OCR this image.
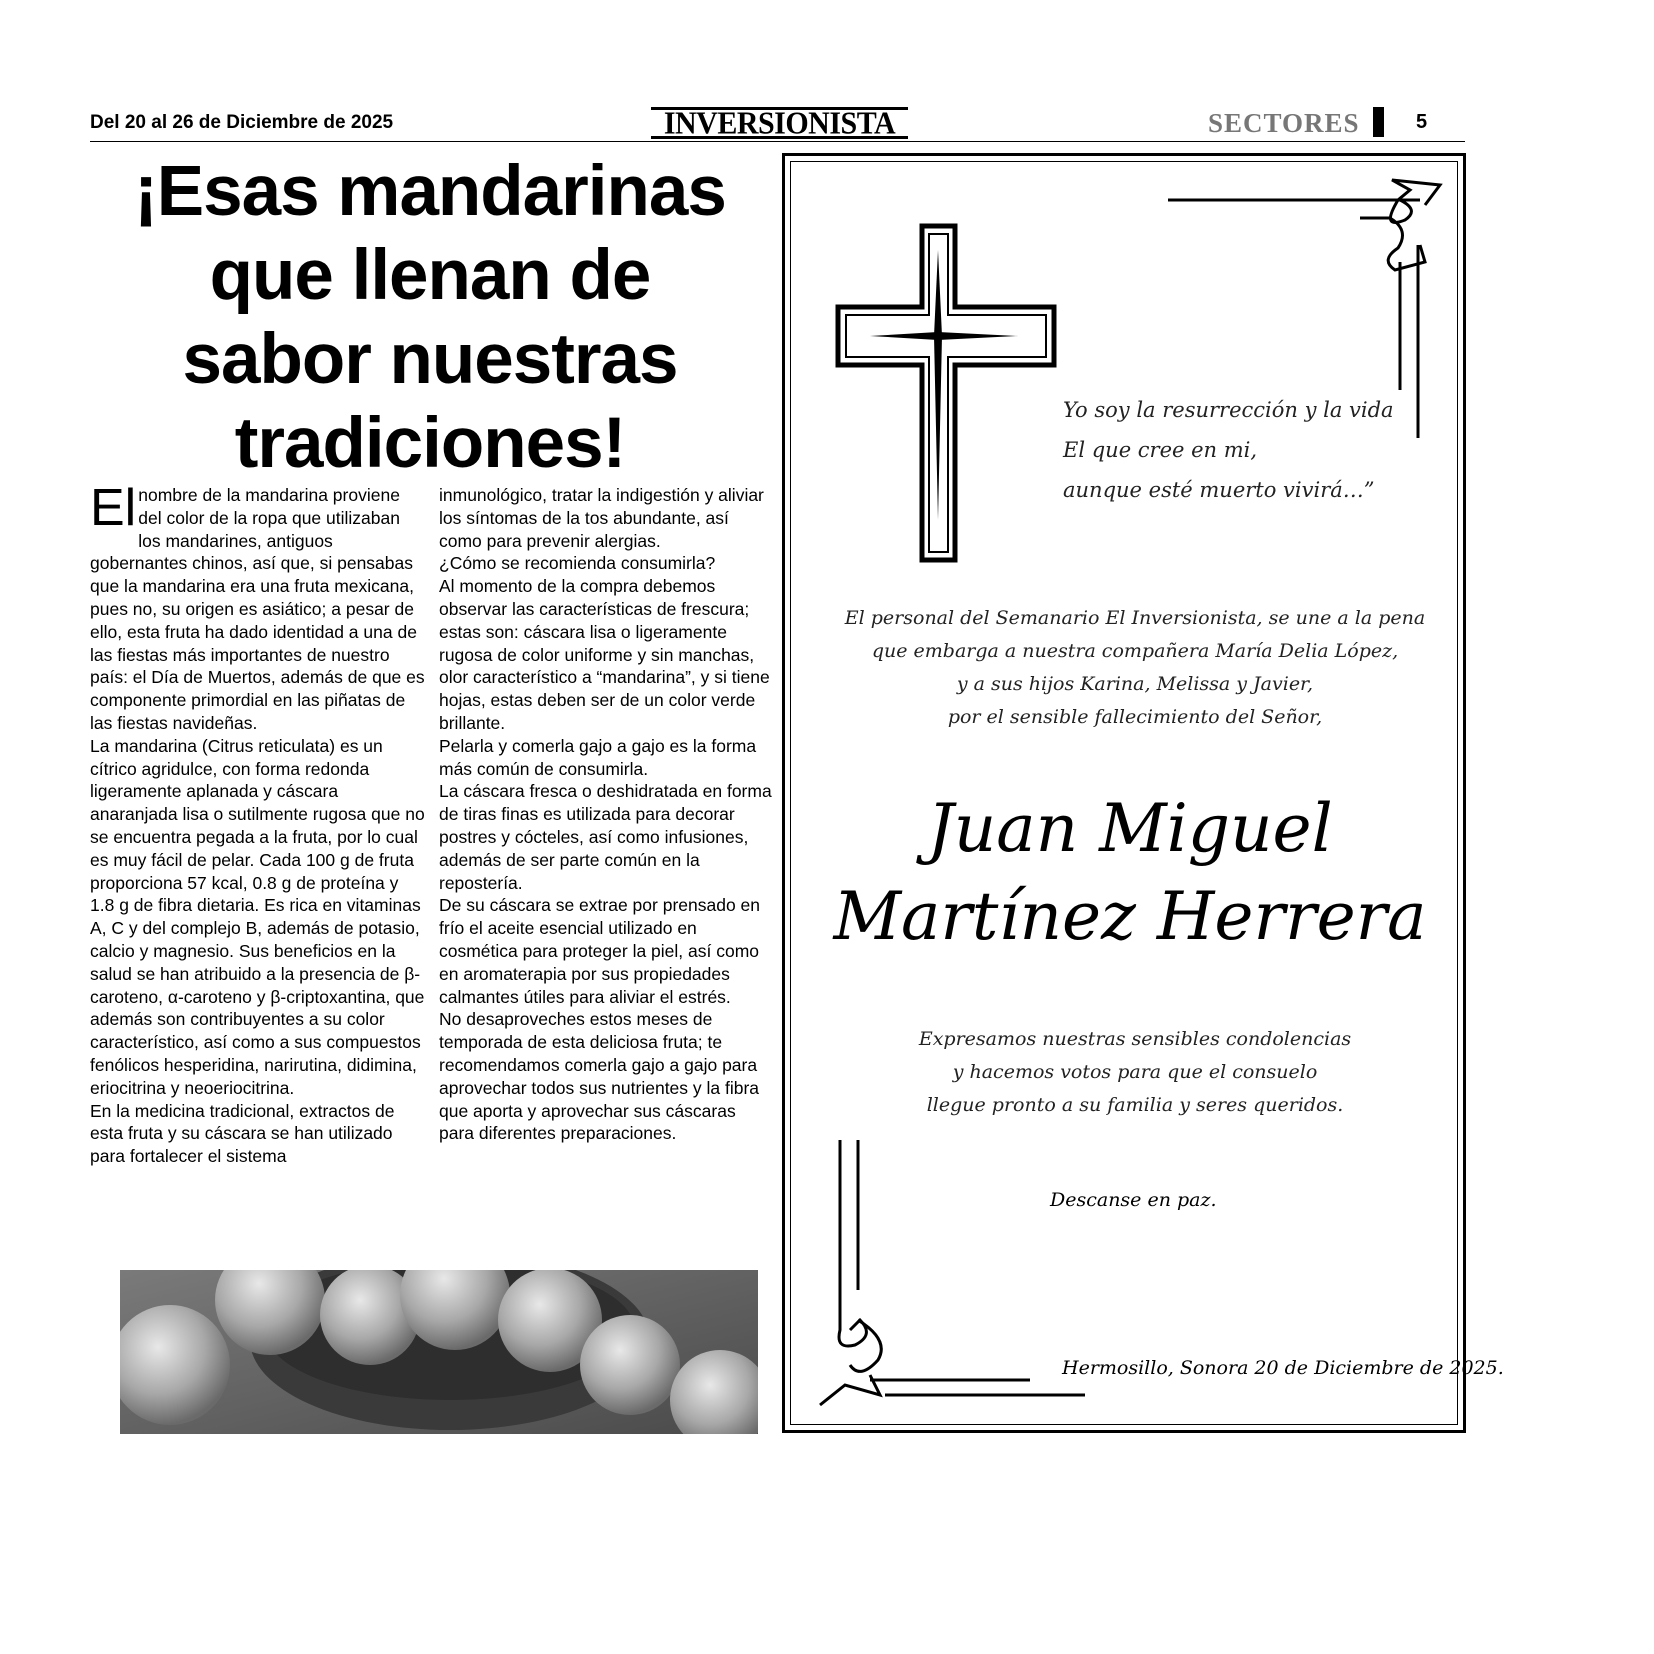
Del 20 al 26 de Diciembre de 2025	INVERSIONISTA	SECTORES	5
¡Esas mandarinas
que llenan de
sabor nuestras
tradiciones!
El nombre de la mandarina proviene del color de la ropa que utilizaban los mandarines, antiguos gobernantes chinos, así que, si pensabas que la mandarina era una fruta mexicana, pues no, su origen es asiático; a pesar de ello, esta fruta ha dado identidad a una de las fiestas más importantes de nuestro país: el Día de Muertos, además de que es componente primordial en las piñatas de las fiestas navideñas.
La mandarina (Citrus reticulata) es un cítrico agridulce, con forma redonda ligeramente aplanada y cáscara anaranjada lisa o sutilmente rugosa que no se encuentra pegada a la fruta, por lo cual es muy fácil de pelar. Cada 100 g de fruta proporciona 57 kcal, 0.8 g de proteína y 1.8 g de fibra dietaria. Es rica en vitaminas A, C y del complejo B, además de potasio, calcio y magnesio. Sus beneficios en la salud se han atribuido a la presencia de β-caroteno, α-caroteno y β-criptoxantina, que además son contribuyentes a su color característico, así como a sus compuestos fenólicos hesperidina, narirutina, didimina, eriocitrina y neoeriocitrina.
En la medicina tradicional, extractos de esta fruta y su cáscara se han utilizado para fortalecer el sistema
inmunológico, tratar la indigestión y aliviar los síntomas de la tos abundante, así como para prevenir alergias.
¿Cómo se recomienda consumirla?
Al momento de la compra debemos observar las características de frescura; estas son: cáscara lisa o ligeramente rugosa de color uniforme y sin manchas, olor característico a “mandarina”, y si tiene hojas, estas deben ser de un color verde brillante.
Pelarla y comerla gajo a gajo es la forma más común de consumirla.
La cáscara fresca o deshidratada en forma de tiras finas es utilizada para decorar postres y cócteles, así como infusiones, además de ser parte común en la repostería.
De su cáscara se extrae por prensado en frío el aceite esencial utilizado en cosmética para proteger la piel, así como en aromaterapia por sus propiedades calmantes útiles para aliviar el estrés.
No desaproveches estos meses de temporada de esta deliciosa fruta; te recomendamos comerla gajo a gajo para aprovechar todos sus nutrientes y la fibra que aporta y aprovechar sus cáscaras para diferentes preparaciones.
Yo soy la resurrección y la vida
El que cree en mi,
aunque esté muerto vivirá…”
El personal del Semanario El Inversionista, se une a la pena
que embarga a nuestra compañera María Delia López,
y a sus hijos Karina, Melissa y Javier,
por el sensible fallecimiento del Señor,
Juan Miguel
Martínez Herrera
Expresamos nuestras sensibles condolencias
y hacemos votos para que el consuelo
llegue pronto a su familia y seres queridos.
Descanse en paz.
Hermosillo, Sonora 20 de Diciembre de 2025.
